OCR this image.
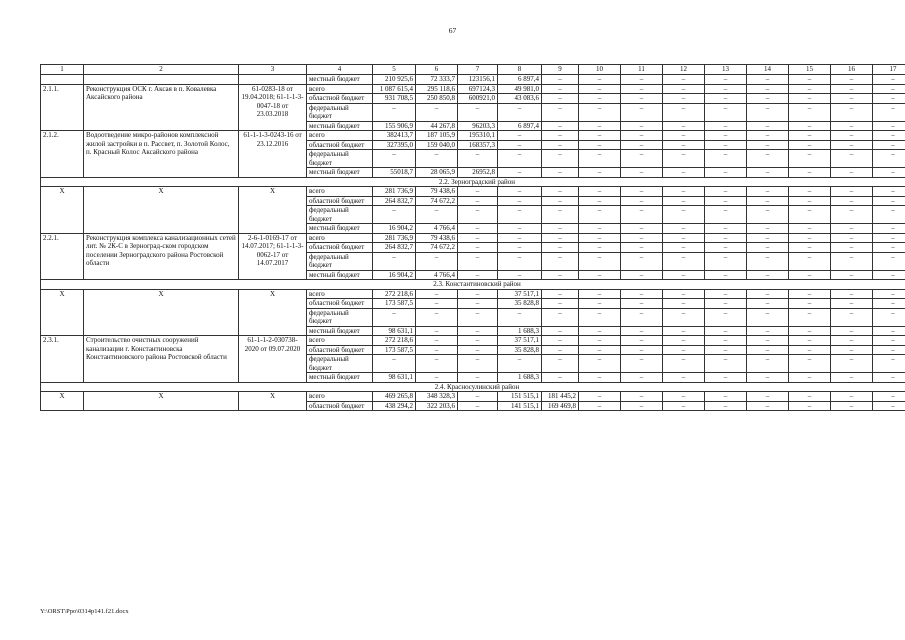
67
1	2	3	4	5	6	7	8	9	10	11	12	13	14	15	16	17
			местный бюджет	210 925,6	72 333,7	123156,1	6 897,4	–	–	–	–	–	–	–	–	–
2.1.1.	Реконструкция ОСК г. Аксая в п. Ковалевка Аксайского района	61-0283-18 от 19.04.2018; 61-1-1-3-0047-18 от 23.03.2018	всего	1 087 615,4	295 118,6	697124,3	49 981,0	–	–	–	–	–	–	–	–	–
			областной бюджет	931 708,5	250 850,8	600921,0	43 083,6	–	–	–	–	–	–	–	–	–
			федеральный бюджет	–	–	–	–	–	–	–	–	–	–	–	–	–
			местный бюджет	155 906,9	44 267,8	96203,3	6 897,4	–	–	–	–	–	–	–	–	–
2.1.2.	Водоотведение микро-районов комплексной жилой застройки в п. Рассвет, п. Золотой Колос, п. Красный Колос Аксайского района	61-1-1-3-0243-16 от 23.12.2016	всего	382413,7	187 105,9	195310,1	–	–	–	–	–	–	–	–	–	–
			областной бюджет	327395,0	159 040,0	168357,3	–	–	–	–	–	–	–	–	–	–
			федеральный бюджет	–	–	–	–	–	–	–	–	–	–	–	–	–
			местный бюджет	55018,7	28 065,9	26952,8	–	–	–	–	–	–	–	–	–	–
2.2. Зерноградский район																
Х	Х	Х	всего	281 736,9	79 438,6	–	–	–	–	–	–	–	–	–	–	–
			областной бюджет	264 832,7	74 672,2	–	–	–	–	–	–	–	–	–	–	–
			федеральный бюджет	–	–	–	–	–	–	–	–	–	–	–	–	–
			местный бюджет	16 904,2	4 766,4	–	–	–	–	–	–	–	–	–	–	–
2.2.1.	Реконструкция комплекса канализационных сетей лит. № 2К-С в Зерноград-ском городском поселении Зерноградского района Ростовской области	2-6-1-0169-17 от 14.07.2017; 61-1-1-3-0062-17 от 14.07.2017	всего	281 736,9	79 438,6	–	–	–	–	–	–	–	–	–	–	–
			областной бюджет	264 832,7	74 672,2	–	–	–	–	–	–	–	–	–	–	–
			федеральный бюджет	–	–	–	–	–	–	–	–	–	–	–	–	–
			местный бюджет	16 904,2	4 766,4	–	–	–	–	–	–	–	–	–	–	–
2.3. Константиновский район																
Х	Х	Х	всего	272 218,6	–	–	37 517,1	–	–	–	–	–	–	–	–	–
			областной бюджет	173 587,5	–	–	35 828,8	–	–	–	–	–	–	–	–	–
			федеральный бюджет	–	–	–	–	–	–	–	–	–	–	–	–	–
			местный бюджет	98 631,1	–	–	1 688,3	–	–	–	–	–	–	–	–	–
2.3.1.	Строительство очистных сооружений канализации г. Константиновска Константиновского района Ростовской области	61-1-1-2-030738-2020 от 09.07.2020	всего	272 218,6	–	–	37 517,1	–	–	–	–	–	–	–	–	–
			областной бюджет	173 587,5	–	–	35 828,8	–	–	–	–	–	–	–	–	–
			федеральный бюджет	–	–	–	–	–	–	–	–	–	–	–	–	–
			местный бюджет	98 631,1	–	–	1 688,3	–	–	–	–	–	–	–	–	–
2.4. Красносулинский район																
Х	Х	Х	всего	469 265,8	348 328,3	–	151 515,1	181 445,2	–	–	–	–	–	–	–	–
			областной бюджет	438 294,2	322 203,6	–	141 515,1	169 469,8	–	–	–	–	–	–	–	–
Y:\ORST\Ppo\0314p141.f21.docx
